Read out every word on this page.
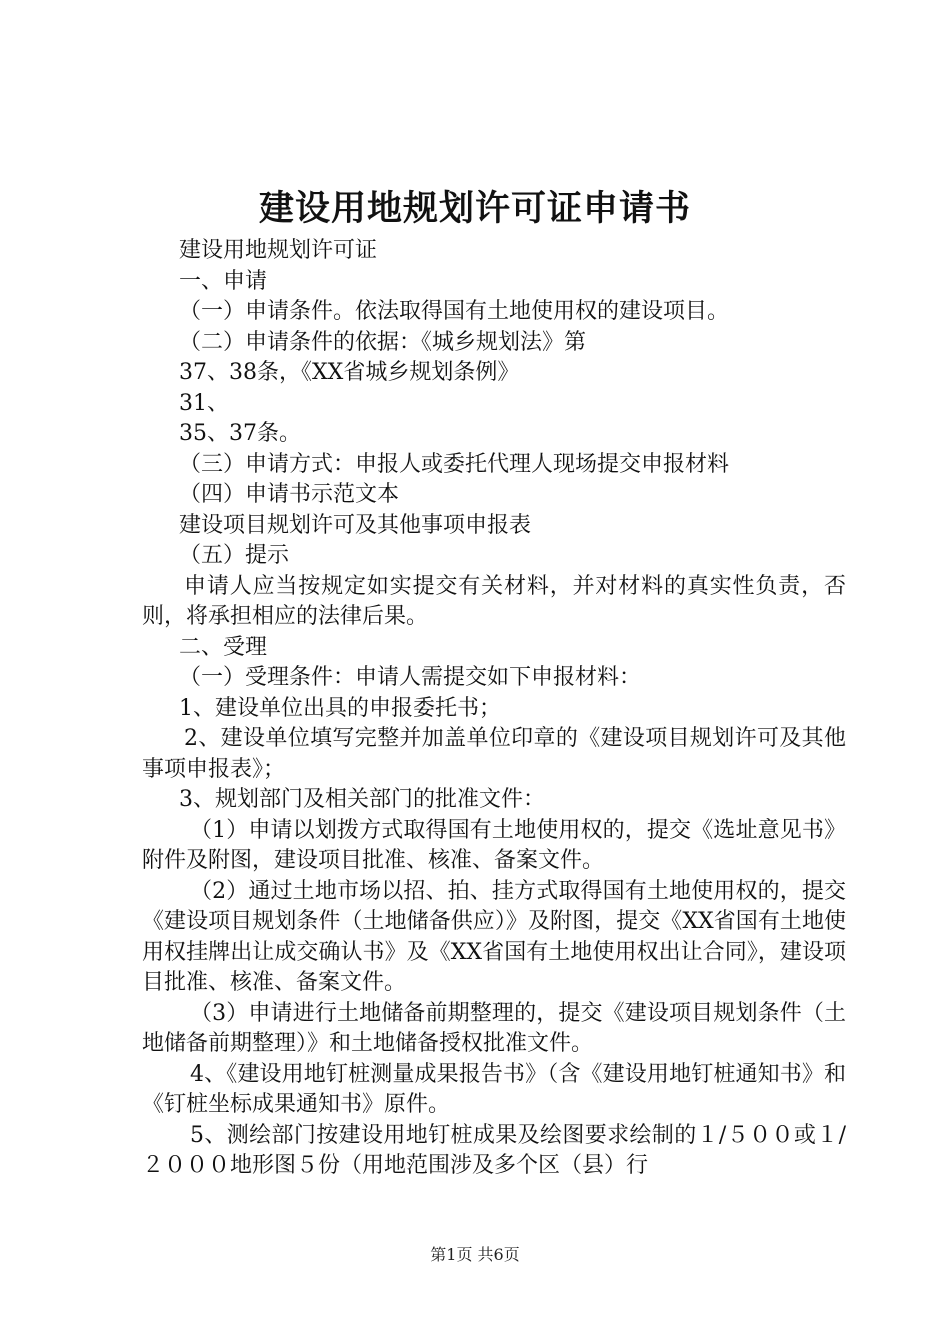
建设用地规划许可证申请书

建设用地规划许可证

一、申请

（一）申请条件。依法取得国有土地使用权的建设项目。

（二）申请条件的依据：《城乡规划法》第

37、38条，《XX省城乡规划条例》

31、

35、37条。

（三）申请方式：申报人或委托代理人现场提交申报材料

（四）申请书示范文本

建设项目规划许可及其他事项申报表

（五）提示

申请人应当按规定如实提交有关材料，并对材料的真实性负责，否则，将承担相应的法律后果。

二、受理

（一）受理条件：申请人需提交如下申报材料：

1、建设单位出具的申报委托书；

2、建设单位填写完整并加盖单位印章的《建设项目规划许可及其他事项申报表》；

3、规划部门及相关部门的批准文件：

（1）申请以划拨方式取得国有土地使用权的，提交《选址意见书》附件及附图，建设项目批准、核准、备案文件。

（2）通过土地市场以招、拍、挂方式取得国有土地使用权的，提交《建设项目规划条件（土地储备供应）》及附图，提交《XX省国有土地使用权挂牌出让成交确认书》及《XX省国有土地使用权出让合同》，建设项目批准、核准、备案文件。

（3）申请进行土地储备前期整理的，提交《建设项目规划条件（土地储备前期整理）》和土地储备授权批准文件。

4、《建设用地钉桩测量成果报告书》（含《建设用地钉桩通知书》和《钉桩坐标成果通知书》原件。

5、测绘部门按建设用地钉桩成果及绘图要求绘制的１/５００或１/２０００地形图５份（用地范围涉及多个区（县）行

第1页 共6页
